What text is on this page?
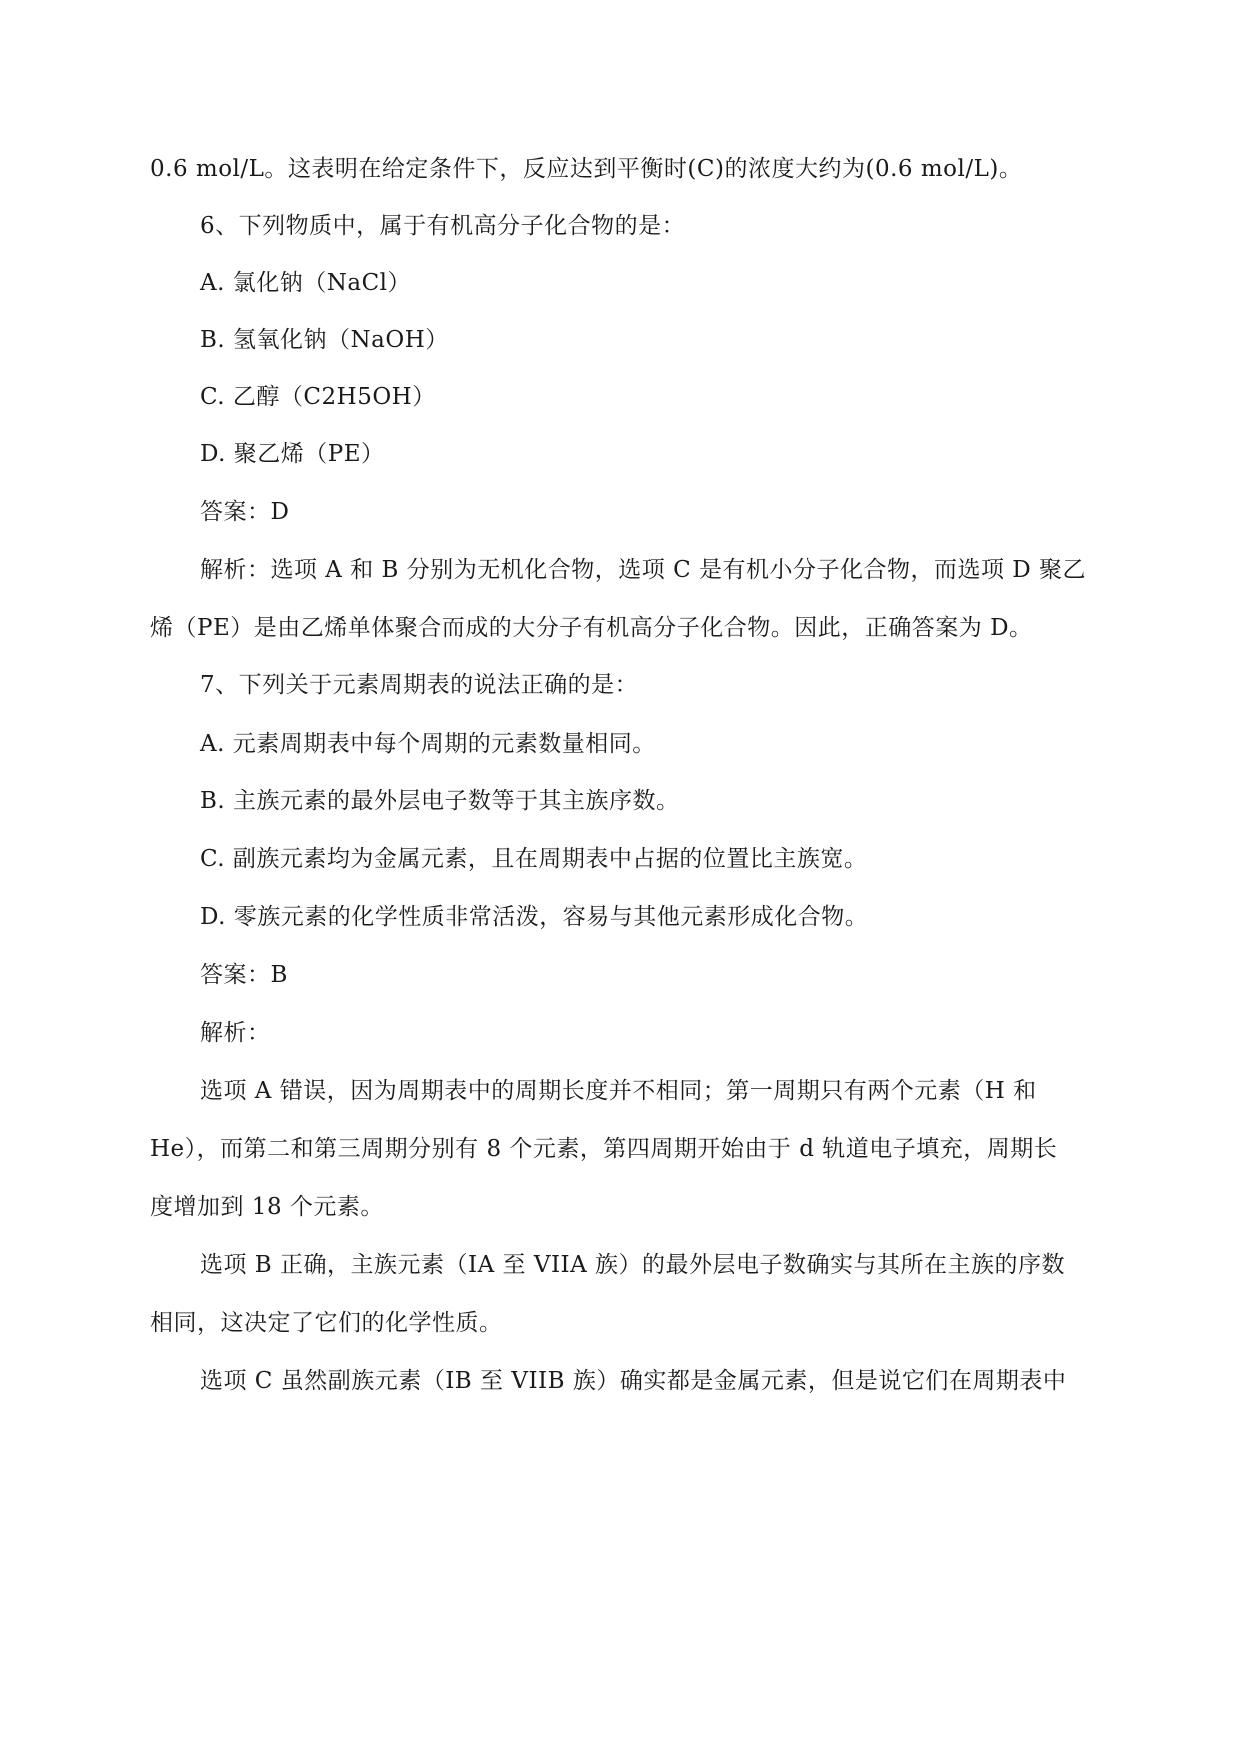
0.6 mol/L。这表明在给定条件下，反应达到平衡时(C)的浓度大约为(0.6 mol/L)。
6、下列物质中，属于有机高分子化合物的是：
A. 氯化钠（NaCl）
B. 氢氧化钠（NaOH）
C. 乙醇（C2H5OH）
D. 聚乙烯（PE）
答案：D
解析：选项 A 和 B 分别为无机化合物，选项 C 是有机小分子化合物，而选项 D 聚乙
烯（PE）是由乙烯单体聚合而成的大分子有机高分子化合物。因此，正确答案为 D。
7、下列关于元素周期表的说法正确的是：
A. 元素周期表中每个周期的元素数量相同。
B. 主族元素的最外层电子数等于其主族序数。
C. 副族元素均为金属元素，且在周期表中占据的位置比主族宽。
D. 零族元素的化学性质非常活泼，容易与其他元素形成化合物。
答案：B
解析：
选项 A 错误，因为周期表中的周期长度并不相同；第一周期只有两个元素（H 和
He），而第二和第三周期分别有 8 个元素，第四周期开始由于 d 轨道电子填充，周期长
度增加到 18 个元素。
选项 B 正确，主族元素（IA 至 VIIA 族）的最外层电子数确实与其所在主族的序数
相同，这决定了它们的化学性质。
选项 C 虽然副族元素（IB 至 VIIB 族）确实都是金属元素，但是说它们在周期表中
